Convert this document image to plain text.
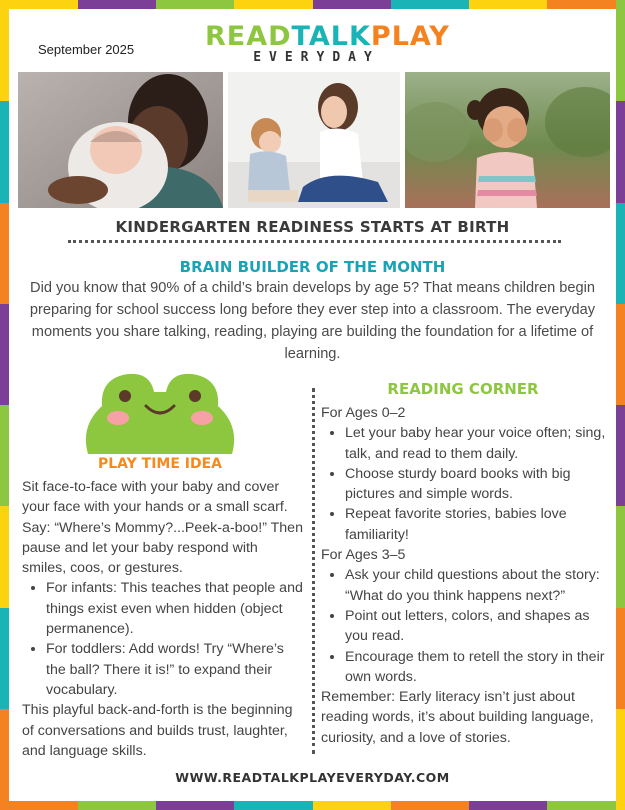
September 2025	READTALKPLAY
EVERYDAY
KINDERGARTEN READINESS STARTS AT BIRTH
BRAIN BUILDER OF THE MONTH
Did you know that 90% of a child’s brain develops by age 5? That means children begin preparing for school success long before they ever step into a classroom. The everyday moments you share talking, reading, playing are building the foundation for a lifetime of learning.
PLAY TIME IDEA

Sit face-to-face with your baby and cover your face with your hands or a small scarf. Say: “Where’s Mommy?...Peek-a-boo!” Then pause and let your baby respond with smiles, coos, or gestures.

• For infants: This teaches that people and things exist even when hidden (object permanence).
• For toddlers: Add words! Try “Where’s the ball? There it is!” to expand their vocabulary.

This playful back-and-forth is the beginning of conversations and builds trust, laughter, and language skills.

READING CORNER

For Ages 0–2

• Let your baby hear your voice often; sing, talk, and read to them daily.
• Choose sturdy board books with big pictures and simple words.
• Repeat favorite stories, babies love familiarity!

For Ages 3–5

• Ask your child questions about the story: “What do you think happens next?”
• Point out letters, colors, and shapes as you read.
• Encourage them to retell the story in their own words.

Remember: Early literacy isn’t just about reading words, it’s about building language, curiosity, and a love of stories.

WWW.READTALKPLAYEVERYDAY.COM
